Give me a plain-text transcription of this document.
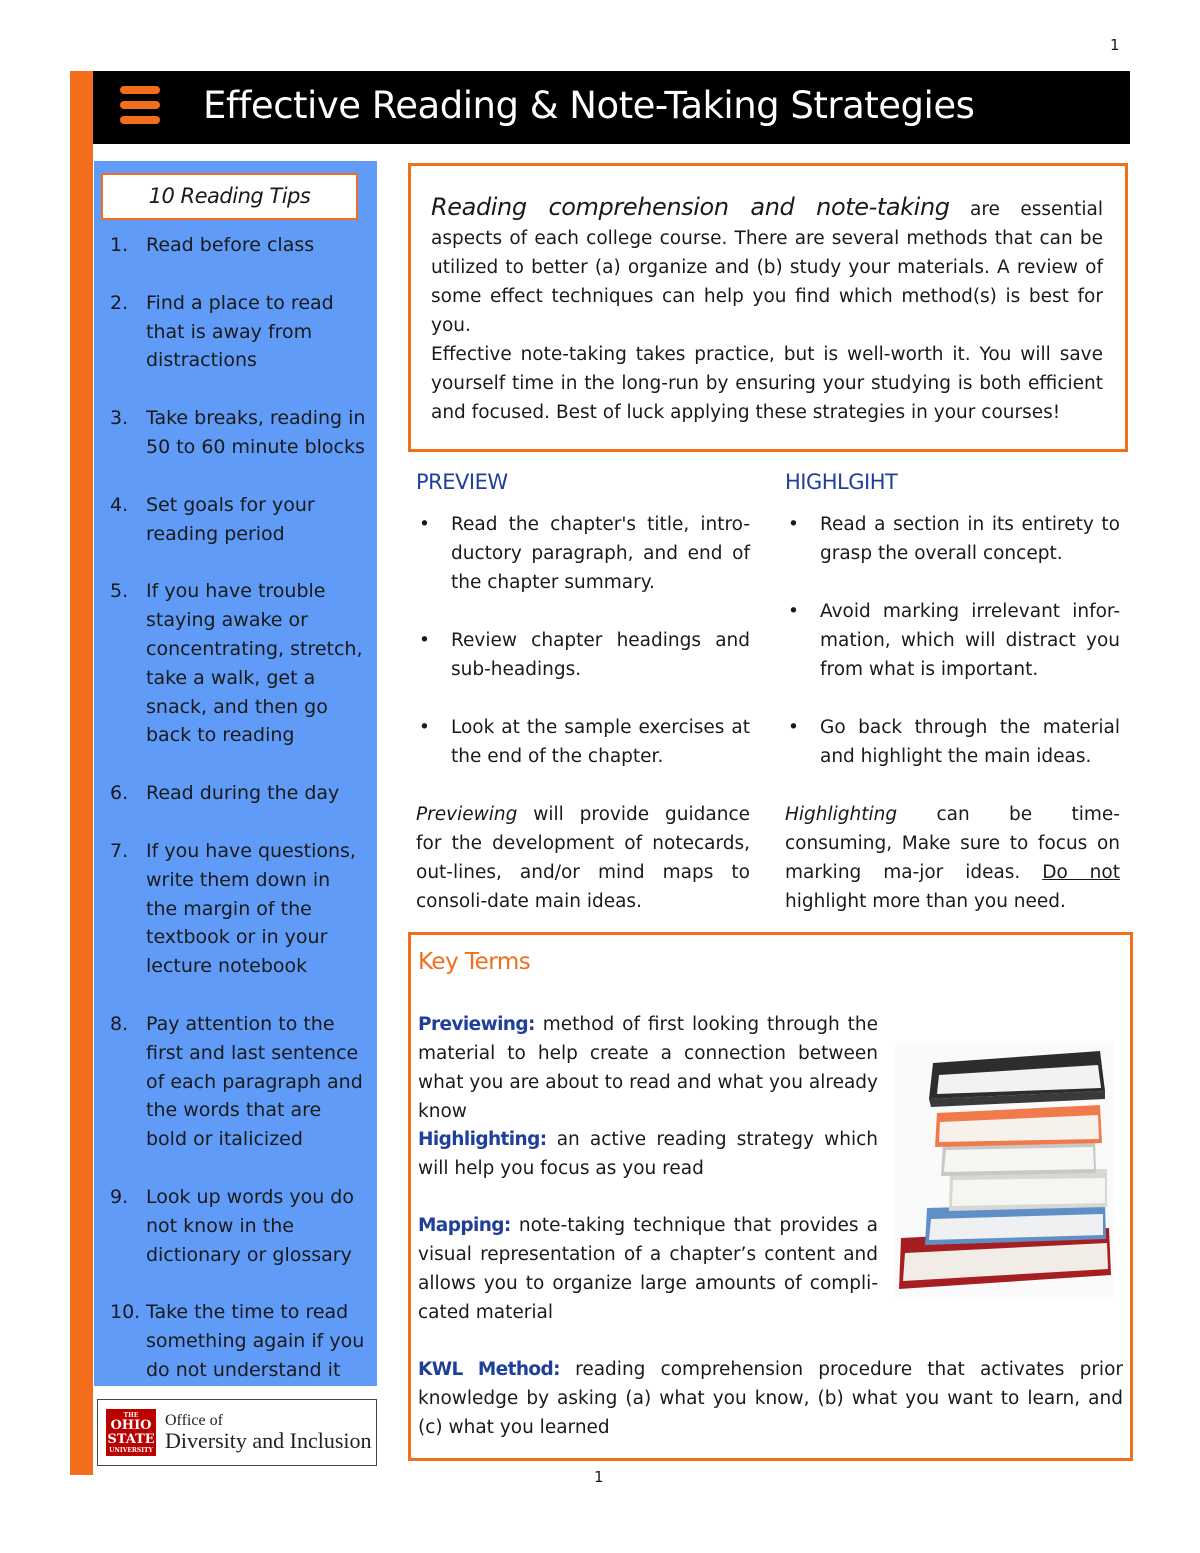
1
1
Effective Reading & Note-Taking Strategies
10 Reading Tips
1. Read before class
2. Find a place to read that is away from distractions
3. Take breaks, reading in 50 to 60 minute blocks
4. Set goals for your reading period
5. If you have trouble staying awake or concentrating, stretch, take a walk, get a snack, and then go back to reading
6. Read during the day
7. If you have questions, write them down in the margin of the textbook or in your lecture notebook
8. Pay attention to the first and last sentence of each paragraph and the words that are bold or italicized
9. Look up words you do not know in the dictionary or glossary
10. Take the time to read something again if you do not understand it
THE
OHIO
STATE
UNIVERSITY
Office of
Diversity and Inclusion

Reading comprehension and note-taking are essential aspects of each college course. There are several methods that can be utilized to better (a) organize and (b) study your materials. A review of some effect techniques can help you find which method(s) is best for you.

Effective note-taking takes practice, but is well-worth it. You will save yourself time in the long-run by ensuring your studying is both efficient and focused. Best of luck applying these strategies in your courses!

PREVIEW
• Read the chapter's title, intro-ductory paragraph, and end of the chapter summary.
• Review chapter headings and sub-headings.
• Look at the sample exercises at the end of the chapter.

Previewing will provide guidance for the development of notecards, out-lines, and/or mind maps to consoli-date main ideas.

HIGHLGIHT
• Read a section in its entirety to grasp the overall concept.
• Avoid marking irrelevant infor-mation, which will distract you from what is important.
• Go back through the material and highlight the main ideas.

Highlighting can be time-consuming, Make sure to focus on marking ma-jor ideas. Do not highlight more than you need.

Key Terms

Previewing: method of first looking through the material to help create a connection between what you are about to read and what you already know

Highlighting: an active reading strategy which will help you focus as you read

Mapping: note-taking technique that provides a visual representation of a chapter’s content and allows you to organize large amounts of compli-cated material

KWL Method: reading comprehension procedure that activates prior knowledge by asking (a) what you know, (b) what you want to learn, and (c) what you learned
